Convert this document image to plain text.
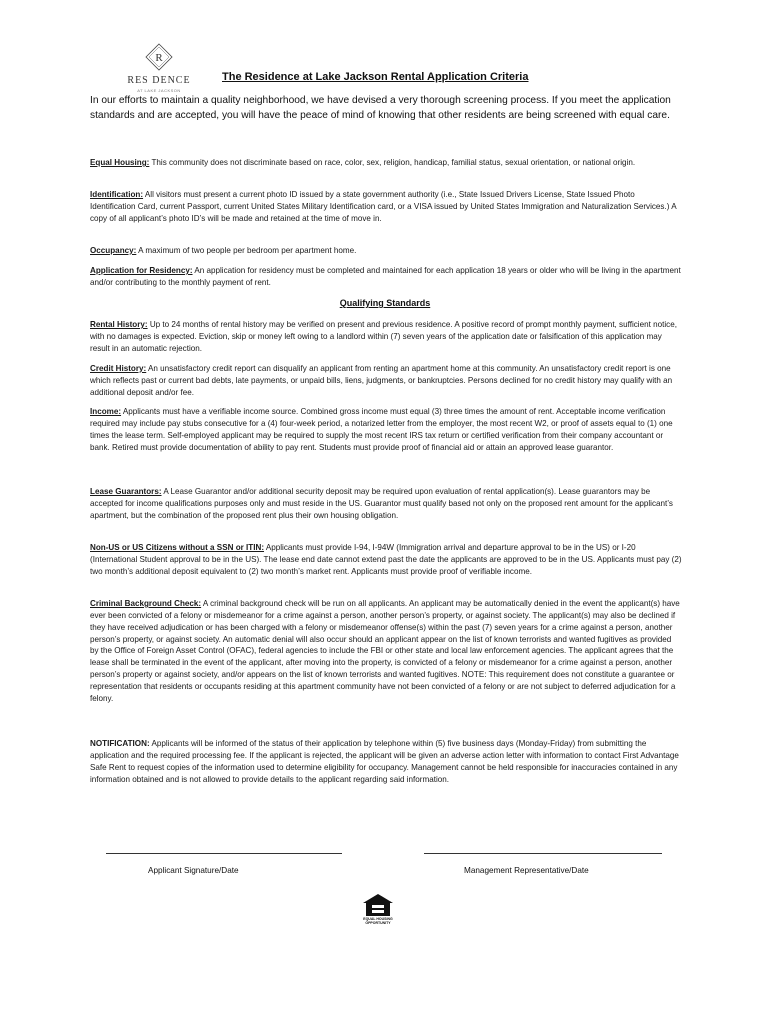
R
RES DENCE
AT LAKE JACKSON
The Residence at Lake Jackson Rental Application Criteria
In our efforts to maintain a quality neighborhood, we have devised a very thorough screening process. If you meet the application standards and are accepted, you will have the peace of mind of knowing that other residents are being screened with equal care.
Equal Housing: This community does not discriminate based on race, color, sex, religion, handicap, familial status, sexual orientation, or national origin.
Identification: All visitors must present a current photo ID issued by a state government authority (i.e., State Issued Drivers License, State Issued Photo Identification Card, current Passport, current United States Military Identification card, or a VISA issued by United States Immigration and Naturalization Services.) A copy of all applicant’s photo ID’s will be made and retained at the time of move in.
Occupancy: A maximum of two people per bedroom per apartment home.
Application for Residency: An application for residency must be completed and maintained for each application 18 years or older who will be living in the apartment and/or contributing to the monthly payment of rent.
Qualifying Standards
Rental History: Up to 24 months of rental history may be verified on present and previous residence. A positive record of prompt monthly payment, sufficient notice, with no damages is expected. Eviction, skip or money left owing to a landlord within (7) seven years of the application date or falsification of this application may result in an automatic rejection.
Credit History: An unsatisfactory credit report can disqualify an applicant from renting an apartment home at this community. An unsatisfactory credit report is one which reflects past or current bad debts, late payments, or unpaid bills, liens, judgments, or bankruptcies. Persons declined for no credit history may qualify with an additional deposit and/or fee.
Income: Applicants must have a verifiable income source. Combined gross income must equal (3) three times the amount of rent. Acceptable income verification required may include pay stubs consecutive for a (4) four-week period, a notarized letter from the employer, the most recent W2, or proof of assets equal to (1) one times the lease term. Self-employed applicant may be required to supply the most recent IRS tax return or certified verification from their company accountant or bank. Retired must provide documentation of ability to pay rent. Students must provide proof of financial aid or attain an approved lease guarantor.
Lease Guarantors: A Lease Guarantor and/or additional security deposit may be required upon evaluation of rental application(s). Lease guarantors may be accepted for income qualifications purposes only and must reside in the US. Guarantor must qualify based not only on the proposed rent amount for the applicant’s apartment, but the combination of the proposed rent plus their own housing obligation.
Non-US or US Citizens without a SSN or ITIN: Applicants must provide I-94, I-94W (Immigration arrival and departure approval to be in the US) or I-20 (International Student approval to be in the US). The lease end date cannot extend past the date the applicants are approved to be in the US. Applicants must pay (2) two month’s additional deposit equivalent to (2) two month’s market rent. Applicants must provide proof of verifiable income.
Criminal Background Check: A criminal background check will be run on all applicants. An applicant may be automatically denied in the event the applicant(s) have ever been convicted of a felony or misdemeanor for a crime against a person, another person’s property, or against society. The applicant(s) may also be declined if they have received adjudication or has been charged with a felony or misdemeanor offense(s) within the past (7) seven years for a crime against a person, another person’s property, or against society. An automatic denial will also occur should an applicant appear on the list of known terrorists and wanted fugitives as provided by the Office of Foreign Asset Control (OFAC), federal agencies to include the FBI or other state and local law enforcement agencies. The applicant agrees that the lease shall be terminated in the event of the applicant, after moving into the property, is convicted of a felony or misdemeanor for a crime against a person, another person’s property or against society, and/or appears on the list of known terrorists and wanted fugitives. NOTE: This requirement does not constitute a guarantee or representation that residents or occupants residing at this apartment community have not been convicted of a felony or are not subject to deferred adjudication for a felony.
NOTIFICATION: Applicants will be informed of the status of their application by telephone within (5) five business days (Monday-Friday) from submitting the application and the required processing fee. If the applicant is rejected, the applicant will be given an adverse action letter with information to contact First Advantage Safe Rent to request copies of the information used to determine eligibility for occupancy. Management cannot be held responsible for inaccuracies contained in any information obtained and is not allowed to provide details to the applicant regarding said information.
Applicant Signature/Date	Management Representative/Date
EQUAL HOUSING OPPORTUNITY
